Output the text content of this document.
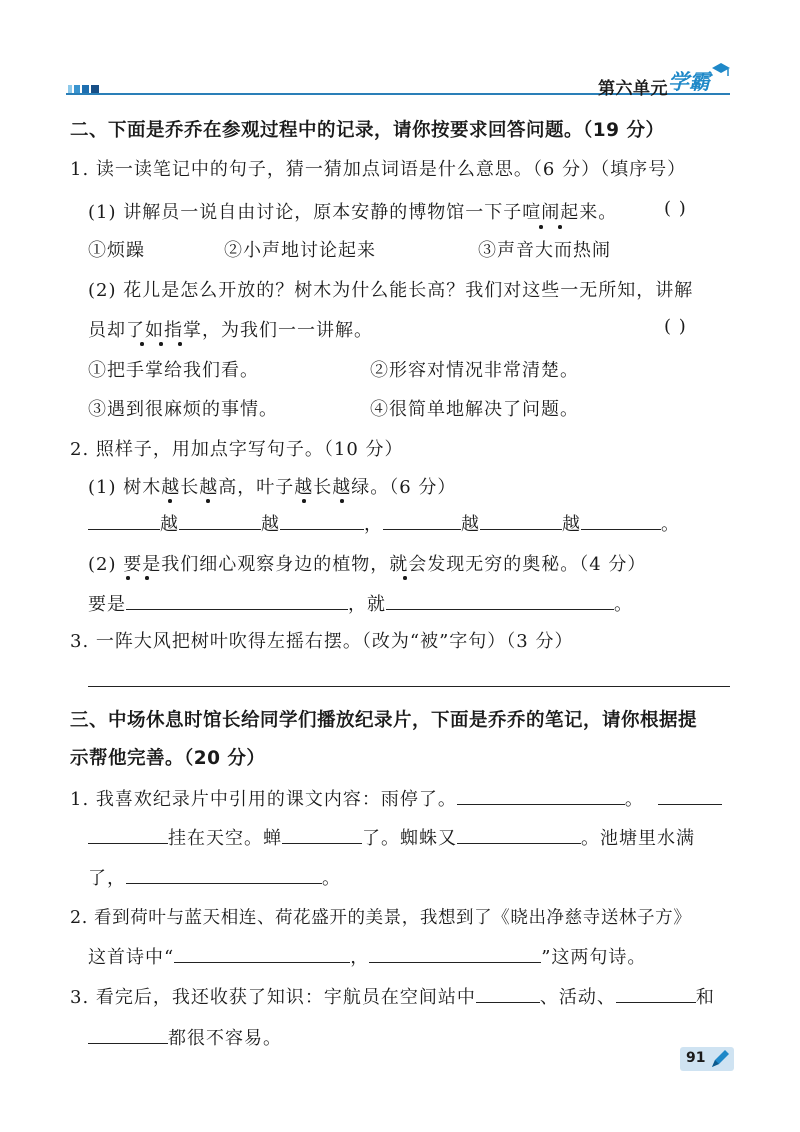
第六单元 学霸
二、下面是乔乔在参观过程中的记录，请你按要求回答问题。（19 分）
1. 读一读笔记中的句子，猜一猜加点词语是什么意思。（6 分）（填序号）
(1) 讲解员一说自由讨论，原本安静的博物馆一下子喧闹起来。	( )
①烦躁	②小声地讨论起来	③声音大而热闹
(2) 花儿是怎么开放的？树木为什么能长高？我们对这些一无所知，讲解
员却了如指掌，为我们一一讲解。	( )
①把手掌给我们看。	②形容对情况非常清楚。
③遇到很麻烦的事情。	④很简单地解决了问题。
2. 照样子，用加点字写句子。（10 分）
(1) 树木越长越高，叶子越长越绿。（6 分）
越	越	，	越	越	。
(2) 要是我们细心观察身边的植物，就会发现无穷的奥秘。（4 分）
要是	，就	。
3. 一阵大风把树叶吹得左摇右摆。（改为“被”字句）（3 分）
三、中场休息时馆长给同学们播放纪录片，下面是乔乔的笔记，请你根据提
示帮他完善。（20 分）
1. 我喜欢纪录片中引用的课文内容：雨停了。	。
挂在天空。蝉	了。蜘蛛又	。池塘里水满
了，	。
2. 看到荷叶与蓝天相连、荷花盛开的美景，我想到了《晓出净慈寺送林子方》
这首诗中“	，	”这两句诗。
3. 看完后，我还收获了知识：宇航员在空间站中	、活动、	和
都很不容易。
91
